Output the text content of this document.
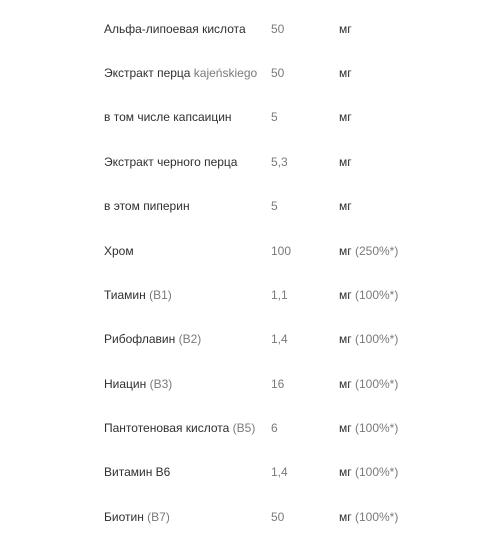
Альфа-липоевая кислота 50	мг
Экстракт перца kajeńskiego 50	мг
в том числе капсаицин	5	мг
Экстракт черного перца	5,3	мг
в этом пиперин	5	мг
Хром	100	мг (250%*)
Тиамин (B1)	1,1	мг (100%*)
Рибофлавин (B2)	1,4	мг (100%*)
Ниацин (B3)	16	мг (100%*)
Пантотеновая кислота (B5) 6	мг (100%*)
Витамин B6	1,4	мг (100%*)
Биотин (B7)	50	мг (100%*)
